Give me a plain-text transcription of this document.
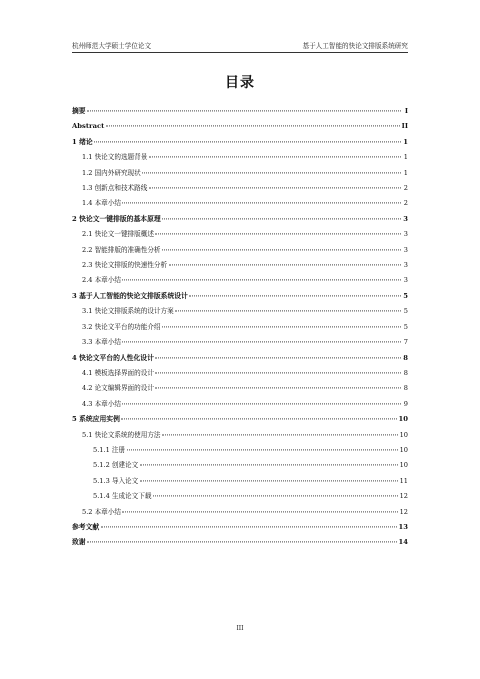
杭州师范大学硕士学位论文	基于人工智能的快论文排版系统研究
目录
摘要	I
Abstract	II
1 绪论	1
1.1 快论文的选题背景	1
1.2 国内外研究现状	1
1.3 创新点和技术路线	2
1.4 本章小结	2
2 快论文一键排版的基本原理	3
2.1 快论文一键排版概述	3
2.2 智能排版的准确性分析	3
2.3 快论文排版的快速性分析	3
2.4 本章小结	3
3 基于人工智能的快论文排版系统设计	5
3.1 快论文排版系统的设计方案	5
3.2 快论文平台的功能介绍	5
3.3 本章小结	7
4 快论文平台的人性化设计	8
4.1 模板选择界面的设计	8
4.2 论文编辑界面的设计	8
4.3 本章小结	9
5 系统应用实例	10
5.1 快论文系统的使用方法	10
5.1.1 注册	10
5.1.2 创建论文	10
5.1.3 导入论文	11
5.1.4 生成论文下载	12
5.2 本章小结	12
参考文献	13
致谢	14
III
